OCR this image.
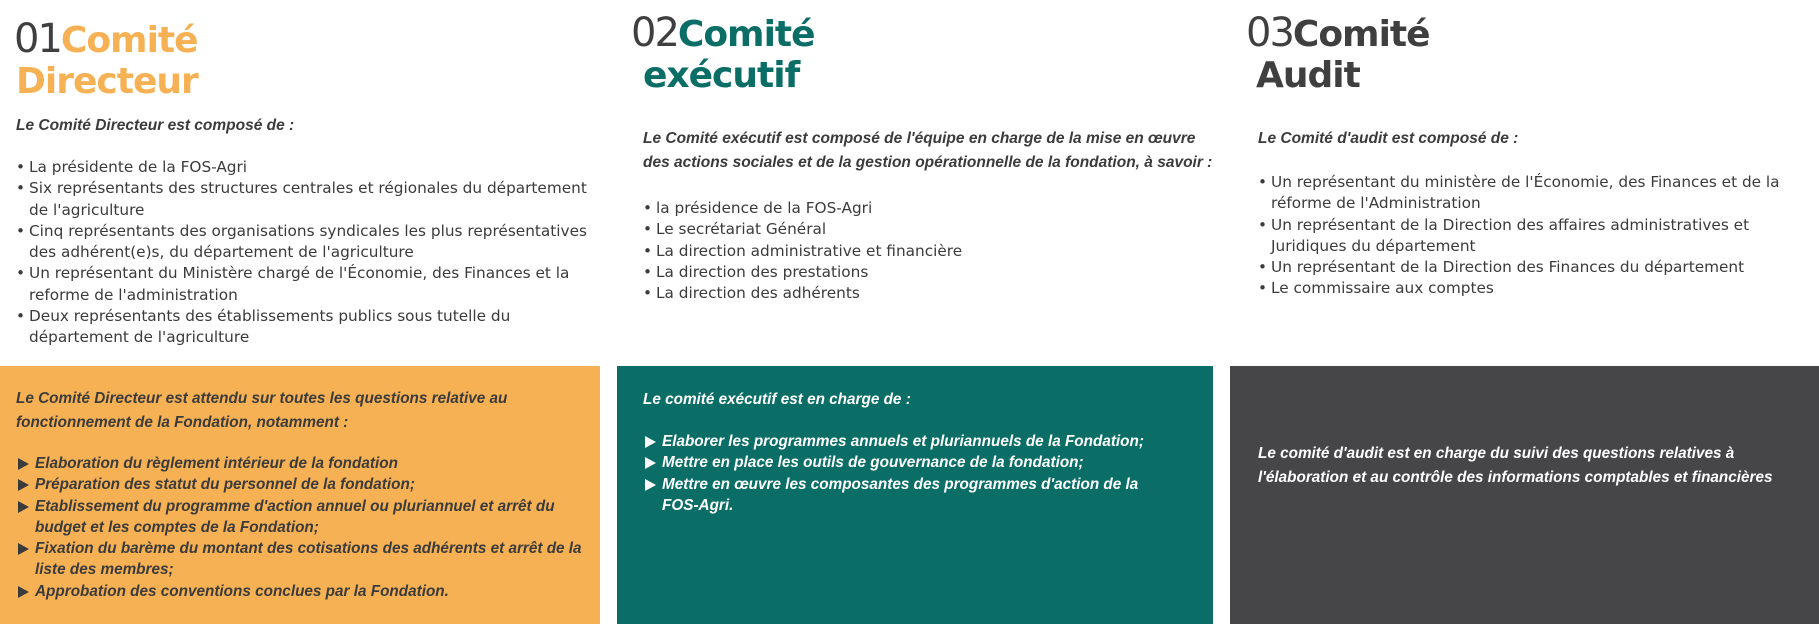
01Comité
Directeur

Le Comité Directeur est composé de :

• La présidente de la FOS-Agri
• Six représentants des structures centrales et régionales du département de l'agriculture
• Cinq représentants des organisations syndicales les plus représentatives des adhérent(e)s, du département de l'agriculture
• Un représentant du Ministère chargé de l'Économie, des Finances et la reforme de l'administration
• Deux représentants des établissements publics sous tutelle du département de l'agriculture

Le Comité Directeur est attendu sur toutes les questions relative au fonctionnement de la Fondation, notamment :

Elaboration du règlement intérieur de la fondation
Préparation des statut du personnel de la fondation;
Etablissement du programme d'action annuel ou pluriannuel et arrêt du budget et les comptes de la Fondation;
Fixation du barème du montant des cotisations des adhérents et arrêt de la liste des membres;
Approbation des conventions conclues par la Fondation.
02Comité
exécutif

Le Comité exécutif est composé de l'équipe en charge de la mise en œuvre des actions sociales et de la gestion opérationnelle de la fondation, à savoir :

• la présidence de la FOS-Agri
• Le secrétariat Général
• La direction administrative et financière
• La direction des prestations
• La direction des adhérents

Le comité exécutif est en charge de :

Elaborer les programmes annuels et pluriannuels de la Fondation;
Mettre en place les outils de gouvernance de la fondation;
Mettre en œuvre les composantes des programmes d'action de la FOS-Agri.
03Comité
Audit

Le Comité d'audit est composé de :

• Un représentant du ministère de l'Économie, des Finances et de la réforme de l'Administration
• Un représentant de la Direction des affaires administratives et Juridiques du département
• Un représentant de la Direction des Finances du département
• Le commissaire aux comptes

Le comité d'audit est en charge du suivi des questions relatives à l'élaboration et au contrôle des informations comptables et financières
